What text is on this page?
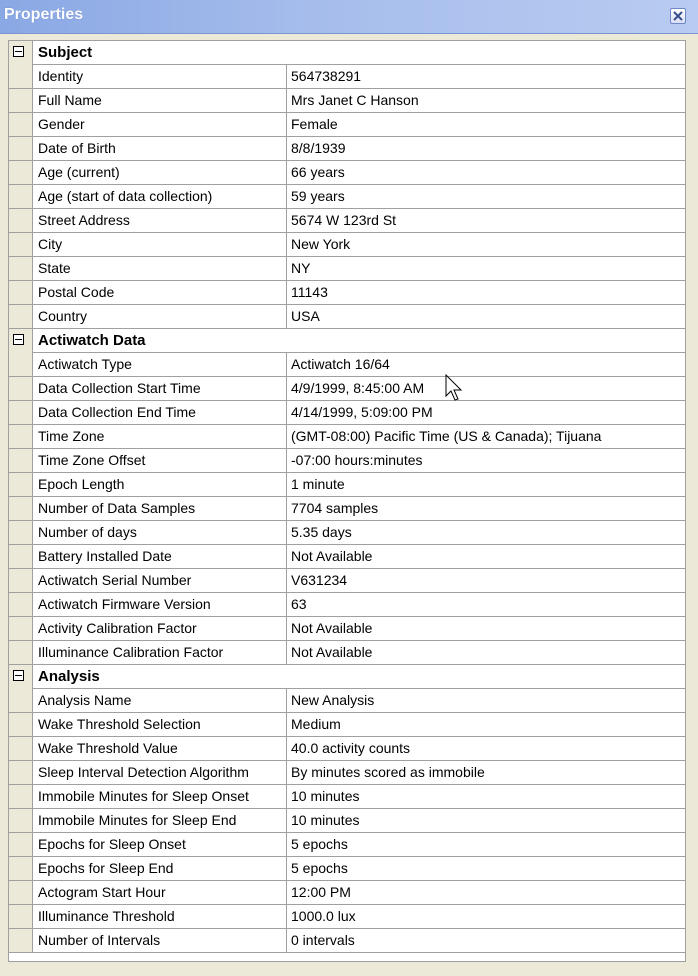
Properties
Subject
Identity	564738291
Full Name	Mrs Janet C Hanson
Gender	Female
Date of Birth	8/8/1939
Age (current)	66 years
Age (start of data collection)	59 years
Street Address	5674 W 123rd St
City	New York
State	NY
Postal Code	11143
Country	USA
Actiwatch Data
Actiwatch Type	Actiwatch 16/64
Data Collection Start Time	4/9/1999, 8:45:00 AM
Data Collection End Time	4/14/1999, 5:09:00 PM
Time Zone	(GMT-08:00) Pacific Time (US & Canada); Tijuana
Time Zone Offset	-07:00 hours:minutes
Epoch Length	1 minute
Number of Data Samples	7704 samples
Number of days	5.35 days
Battery Installed Date	Not Available
Actiwatch Serial Number	V631234
Actiwatch Firmware Version	63
Activity Calibration Factor	Not Available
Illuminance Calibration Factor	Not Available
Analysis
Analysis Name	New Analysis
Wake Threshold Selection	Medium
Wake Threshold Value	40.0 activity counts
Sleep Interval Detection Algorithm	By minutes scored as immobile
Immobile Minutes for Sleep Onset	10 minutes
Immobile Minutes for Sleep End	10 minutes
Epochs for Sleep Onset	5 epochs
Epochs for Sleep End	5 epochs
Actogram Start Hour	12:00 PM
Illuminance Threshold	1000.0 lux
Number of Intervals	0 intervals
